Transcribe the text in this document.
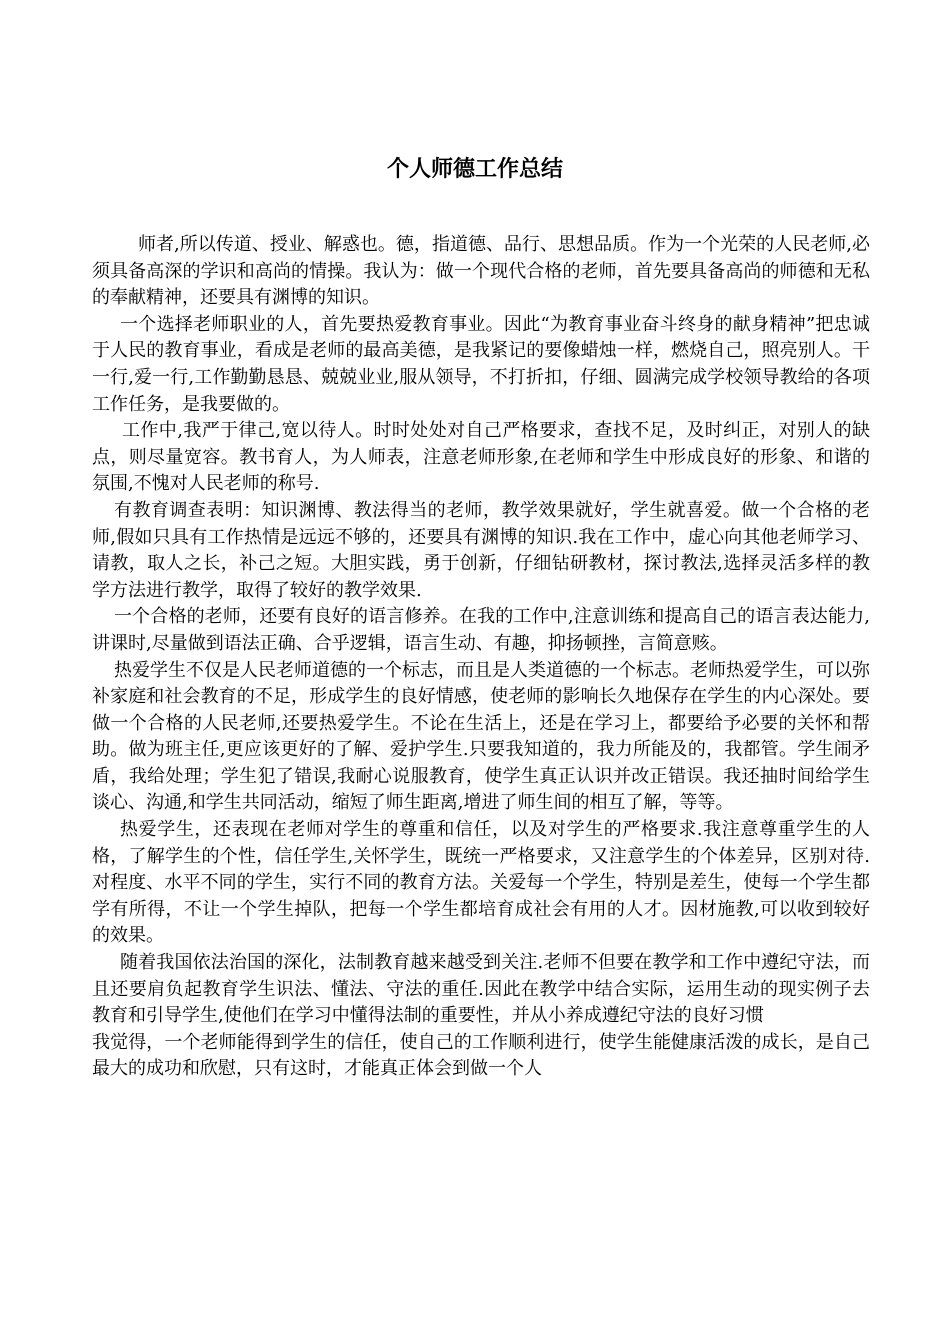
个人师德工作总结

师者,所以传道、授业、解惑也。德，指道德、品行、思想品质。作为一个光荣的人民老师,必须具备高深的学识和高尚的情操。我认为：做一个现代合格的老师，首先要具备高尚的师德和无私的奉献精神，还要具有渊博的知识。

一个选择老师职业的人，首先要热爱教育事业。因此“为教育事业奋斗终身的献身精神”把忠诚于人民的教育事业，看成是老师的最高美德，是我紧记的要像蜡烛一样，燃烧自己，照亮别人。干一行,爱一行,工作勤勤恳恳、兢兢业业,服从领导，不打折扣，仔细、圆满完成学校领导教给的各项工作任务，是我要做的。

工作中,我严于律己,宽以待人。时时处处对自己严格要求，查找不足，及时纠正，对别人的缺点，则尽量宽容。教书育人，为人师表，注意老师形象,在老师和学生中形成良好的形象、和谐的氛围,不愧对人民老师的称号.

有教育调查表明：知识渊博、教法得当的老师，教学效果就好，学生就喜爱。做一个合格的老师,假如只具有工作热情是远远不够的，还要具有渊博的知识.我在工作中，虚心向其他老师学习、请教，取人之长，补己之短。大胆实践，勇于创新，仔细钻研教材，探讨教法,选择灵活多样的教学方法进行教学，取得了较好的教学效果.

一个合格的老师，还要有良好的语言修养。在我的工作中,注意训练和提高自己的语言表达能力,讲课时,尽量做到语法正确、合乎逻辑，语言生动、有趣，抑扬顿挫，言简意赅。

热爱学生不仅是人民老师道德的一个标志，而且是人类道德的一个标志。老师热爱学生，可以弥补家庭和社会教育的不足，形成学生的良好情感，使老师的影响长久地保存在学生的内心深处。要做一个合格的人民老师,还要热爱学生。不论在生活上，还是在学习上，都要给予必要的关怀和帮助。做为班主任,更应该更好的了解、爱护学生.只要我知道的，我力所能及的，我都管。学生闹矛盾，我给处理；学生犯了错误,我耐心说服教育，使学生真正认识并改正错误。我还抽时间给学生谈心、沟通,和学生共同活动，缩短了师生距离,增进了师生间的相互了解，等等。

热爱学生，还表现在老师对学生的尊重和信任，以及对学生的严格要求.我注意尊重学生的人格，了解学生的个性，信任学生,关怀学生，既统一严格要求，又注意学生的个体差异，区别对待.对程度、水平不同的学生，实行不同的教育方法。关爱每一个学生，特别是差生，使每一个学生都学有所得，不让一个学生掉队，把每一个学生都培育成社会有用的人才。因材施教,可以收到较好的效果。

随着我国依法治国的深化，法制教育越来越受到关注.老师不但要在教学和工作中遵纪守法，而且还要肩负起教育学生识法、懂法、守法的重任.因此在教学中结合实际，运用生动的现实例子去教育和引导学生,使他们在学习中懂得法制的重要性，并从小养成遵纪守法的良好习惯

我觉得，一个老师能得到学生的信任，使自己的工作顺利进行，使学生能健康活泼的成长，是自己最大的成功和欣慰，只有这时，才能真正体会到做一个人
